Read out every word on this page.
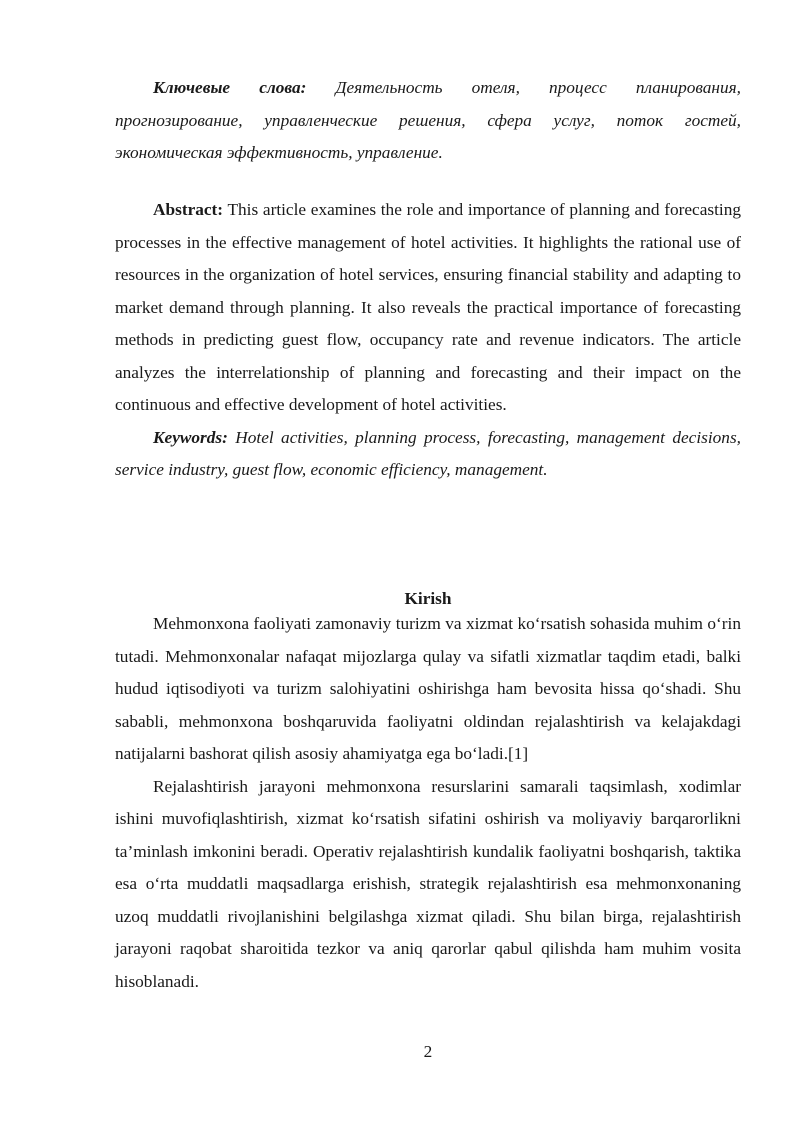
Ключевые слова: Деятельность отеля, процесс планирования, прогнозирование, управленческие решения, сфера услуг, поток гостей, экономическая эффективность, управление.

Abstract: This article examines the role and importance of planning and forecasting processes in the effective management of hotel activities. It highlights the rational use of resources in the organization of hotel services, ensuring financial stability and adapting to market demand through planning. It also reveals the practical importance of forecasting methods in predicting guest flow, occupancy rate and revenue indicators. The article analyzes the interrelationship of planning and forecasting and their impact on the continuous and effective development of hotel activities.

Keywords: Hotel activities, planning process, forecasting, management decisions, service industry, guest flow, economic efficiency, management.

Kirish

Mehmonxona faoliyati zamonaviy turizm va xizmat ko‘rsatish sohasida muhim o‘rin tutadi. Mehmonxonalar nafaqat mijozlarga qulay va sifatli xizmatlar taqdim etadi, balki hudud iqtisodiyoti va turizm salohiyatini oshirishga ham bevosita hissa qo‘shadi. Shu sababli, mehmonxona boshqaruvida faoliyatni oldindan rejalashtirish va kelajakdagi natijalarni bashorat qilish asosiy ahamiyatga ega bo‘ladi.[1]

Rejalashtirish jarayoni mehmonxona resurslarini samarali taqsimlash, xodimlar ishini muvofiqlashtirish, xizmat ko‘rsatish sifatini oshirish va moliyaviy barqarorlikni ta’minlash imkonini beradi. Operativ rejalashtirish kundalik faoliyatni boshqarish, taktika esa o‘rta muddatli maqsadlarga erishish, strategik rejalashtirish esa mehmonxonaning uzoq muddatli rivojlanishini belgilashga xizmat qiladi. Shu bilan birga, rejalashtirish jarayoni raqobat sharoitida tezkor va aniq qarorlar qabul qilishda ham muhim vosita hisoblanadi.

2
